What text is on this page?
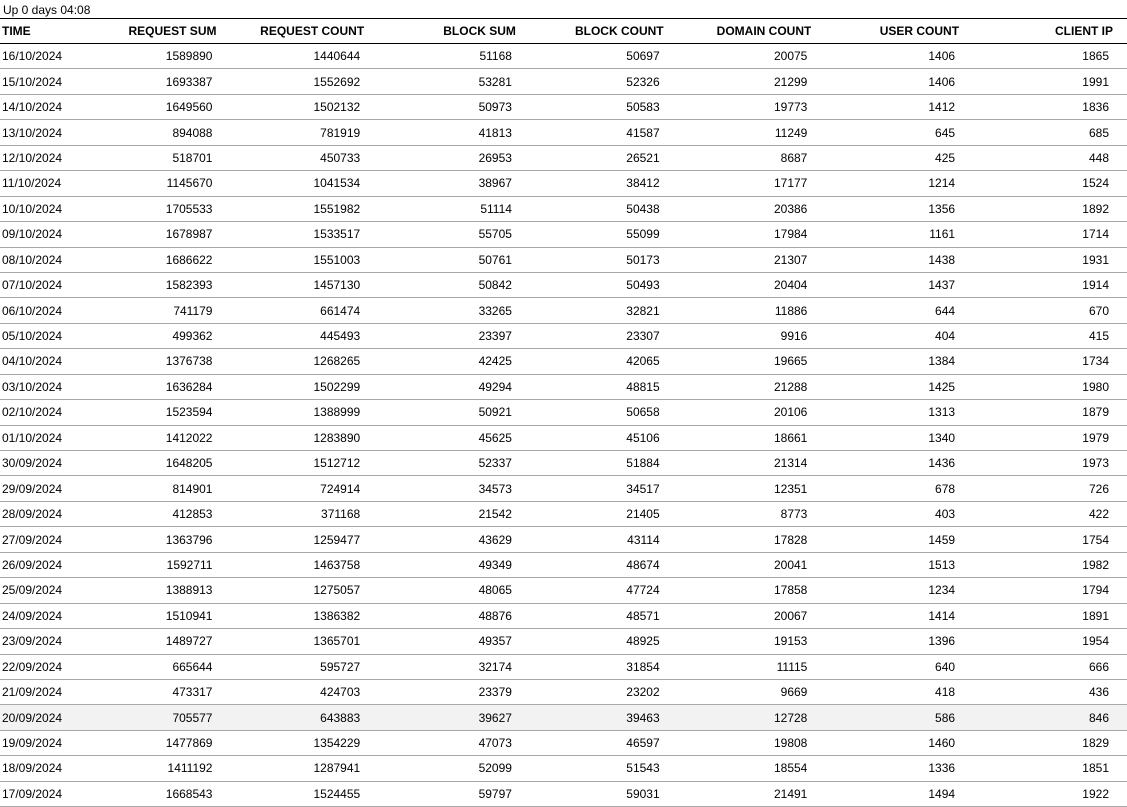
Up 0 days 04:08
TIME	REQUEST SUM	REQUEST COUNT	BLOCK SUM	BLOCK COUNT	DOMAIN COUNT	USER COUNT	CLIENT IP
16/10/2024	1589890	1440644	51168	50697	20075	1406	1865
15/10/2024	1693387	1552692	53281	52326	21299	1406	1991
14/10/2024	1649560	1502132	50973	50583	19773	1412	1836
13/10/2024	894088	781919	41813	41587	11249	645	685
12/10/2024	518701	450733	26953	26521	8687	425	448
11/10/2024	1145670	1041534	38967	38412	17177	1214	1524
10/10/2024	1705533	1551982	51114	50438	20386	1356	1892
09/10/2024	1678987	1533517	55705	55099	17984	1161	1714
08/10/2024	1686622	1551003	50761	50173	21307	1438	1931
07/10/2024	1582393	1457130	50842	50493	20404	1437	1914
06/10/2024	741179	661474	33265	32821	11886	644	670
05/10/2024	499362	445493	23397	23307	9916	404	415
04/10/2024	1376738	1268265	42425	42065	19665	1384	1734
03/10/2024	1636284	1502299	49294	48815	21288	1425	1980
02/10/2024	1523594	1388999	50921	50658	20106	1313	1879
01/10/2024	1412022	1283890	45625	45106	18661	1340	1979
30/09/2024	1648205	1512712	52337	51884	21314	1436	1973
29/09/2024	814901	724914	34573	34517	12351	678	726
28/09/2024	412853	371168	21542	21405	8773	403	422
27/09/2024	1363796	1259477	43629	43114	17828	1459	1754
26/09/2024	1592711	1463758	49349	48674	20041	1513	1982
25/09/2024	1388913	1275057	48065	47724	17858	1234	1794
24/09/2024	1510941	1386382	48876	48571	20067	1414	1891
23/09/2024	1489727	1365701	49357	48925	19153	1396	1954
22/09/2024	665644	595727	32174	31854	11115	640	666
21/09/2024	473317	424703	23379	23202	9669	418	436
20/09/2024	705577	643883	39627	39463	12728	586	846
19/09/2024	1477869	1354229	47073	46597	19808	1460	1829
18/09/2024	1411192	1287941	52099	51543	18554	1336	1851
17/09/2024	1668543	1524455	59797	59031	21491	1494	1922
